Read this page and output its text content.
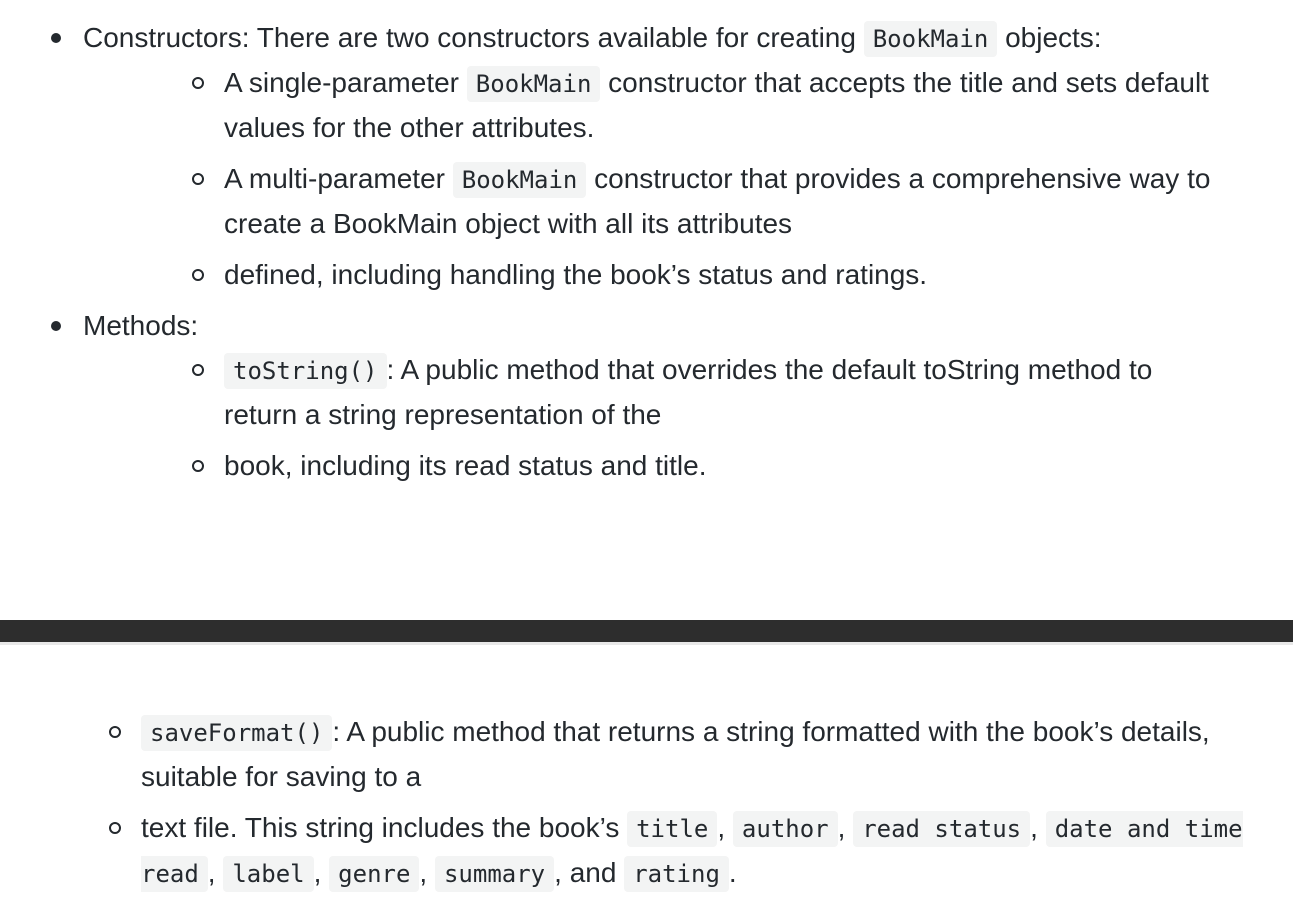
Constructors: There are two constructors available for creating BookMain objects:
A single-parameter BookMain constructor that accepts the title and sets default values for the other attributes.
A multi-parameter BookMain constructor that provides a comprehensive way to create a BookMain object with all its attributes
defined, including handling the book’s status and ratings.
Methods:
toString() : A public method that overrides the default toString method to return a string representation of the
book, including its read status and title.
saveFormat() : A public method that returns a string formatted with the book’s details, suitable for saving to a
text file. This string includes the book’s title , author , read status , date and time read , label , genre , summary , and rating .
